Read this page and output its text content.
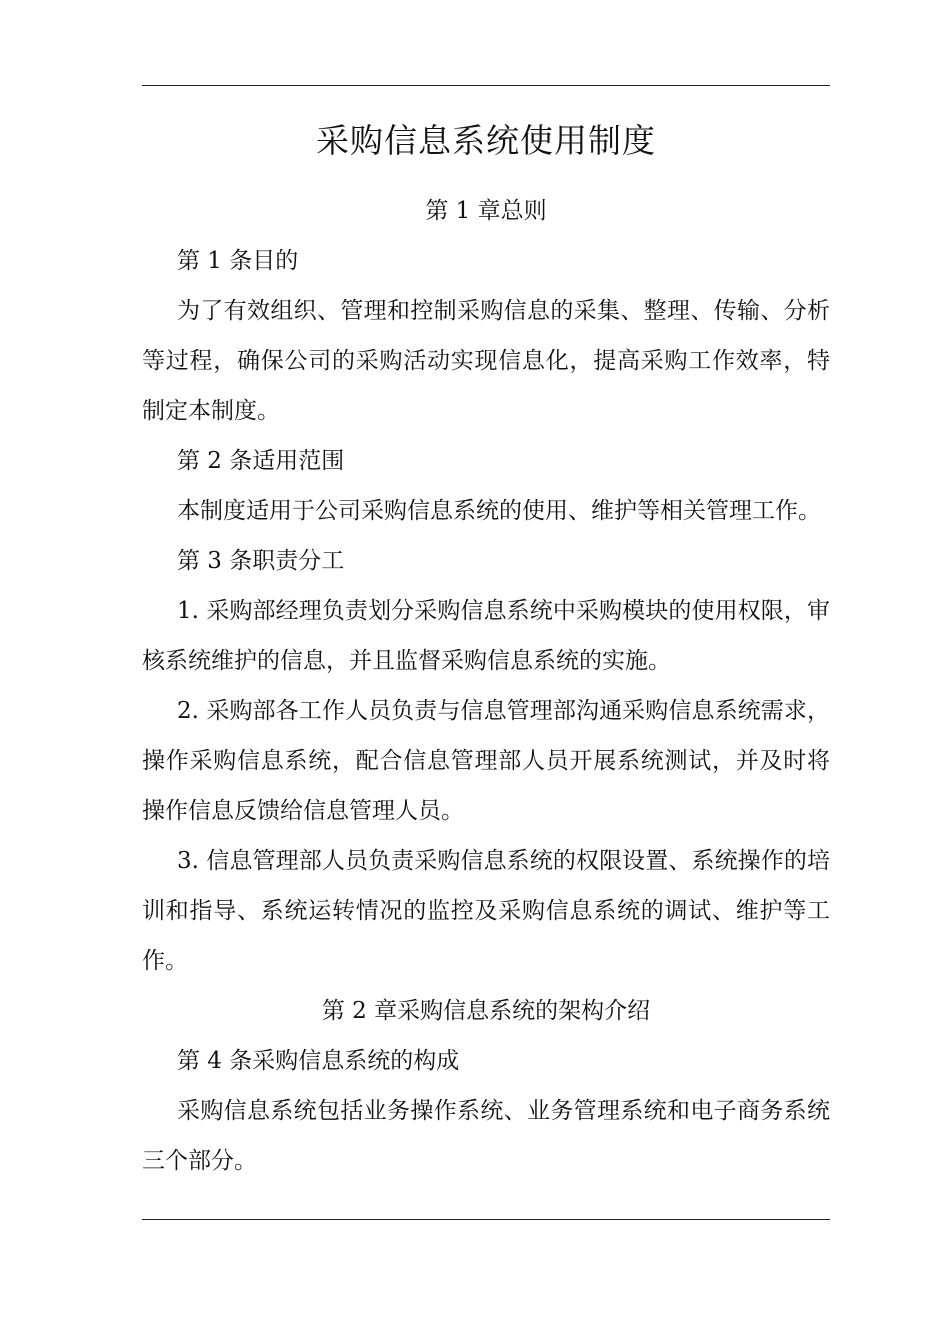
采购信息系统使用制度
第 1 章总则

第 1 条目的

为了有效组织、管理和控制采购信息的采集、整理、传输、分析等过程，确保公司的采购活动实现信息化，提高采购工作效率，特制定本制度。

第 2 条适用范围

本制度适用于公司采购信息系统的使用、维护等相关管理工作。

第 3 条职责分工

1. 采购部经理负责划分采购信息系统中采购模块的使用权限，审核系统维护的信息，并且监督采购信息系统的实施。

2. 采购部各工作人员负责与信息管理部沟通采购信息系统需求，操作采购信息系统，配合信息管理部人员开展系统测试，并及时将操作信息反馈给信息管理人员。

3. 信息管理部人员负责采购信息系统的权限设置、系统操作的培训和指导、系统运转情况的监控及采购信息系统的调试、维护等工作。

第 2 章采购信息系统的架构介绍

第 4 条采购信息系统的构成

采购信息系统包括业务操作系统、业务管理系统和电子商务系统三个部分。
